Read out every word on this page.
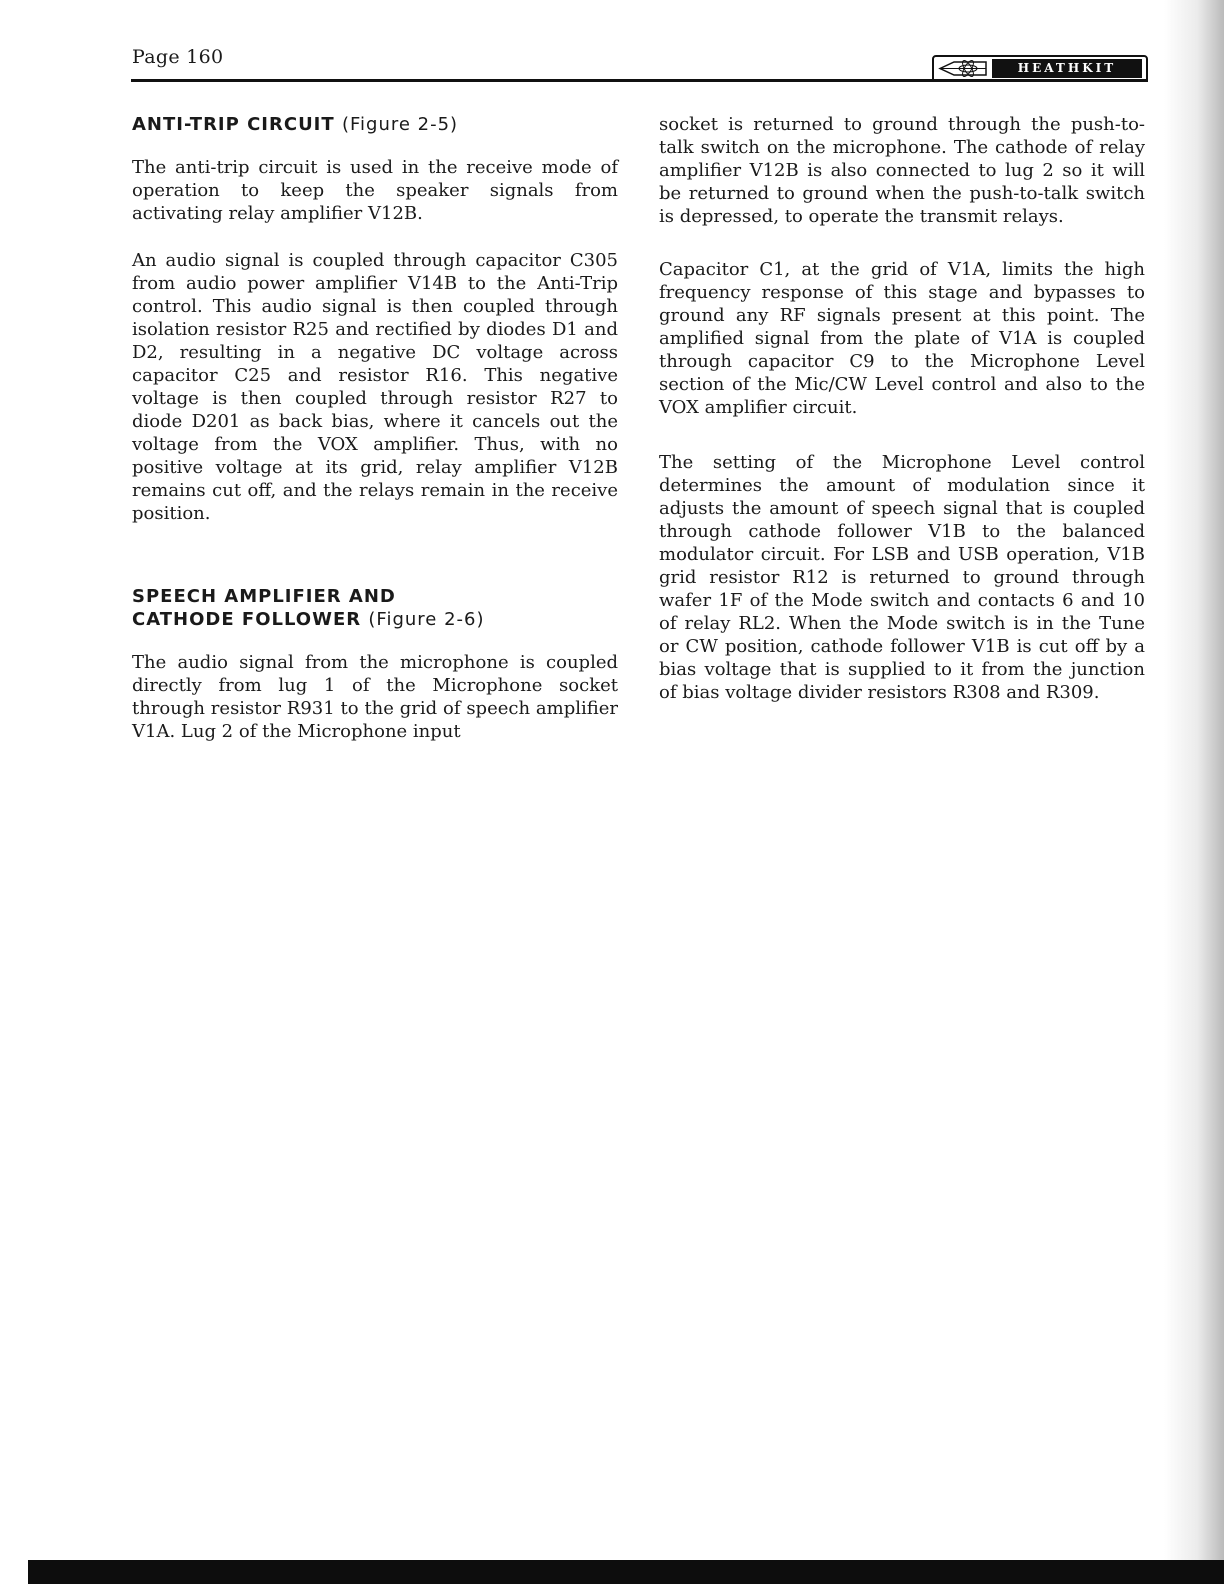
Page 160	HEATHKIT
ANTI-TRIP CIRCUIT (Figure 2-5)

The anti-trip circuit is used in the receive mode of operation to keep the speaker signals from activating relay amplifier V12B.

An audio signal is coupled through capacitor C305 from audio power amplifier V14B to the Anti-Trip control. This audio signal is then coupled through isolation resistor R25 and rectified by diodes D1 and D2, resulting in a negative DC voltage across capacitor C25 and resistor R16. This negative voltage is then coupled through resistor R27 to diode D201 as back bias, where it cancels out the voltage from the VOX amplifier. Thus, with no positive voltage at its grid, relay amplifier V12B remains cut off, and the relays remain in the receive position.

SPEECH AMPLIFIER AND
CATHODE FOLLOWER (Figure 2-6)

The audio signal from the microphone is coupled directly from lug 1 of the Microphone socket through resistor R931 to the grid of speech amplifier V1A. Lug 2 of the Microphone input

socket is returned to ground through the push-to-talk switch on the microphone. The cathode of relay amplifier V12B is also connected to lug 2 so it will be returned to ground when the push-to-talk switch is depressed, to operate the transmit relays.

Capacitor C1, at the grid of V1A, limits the high frequency response of this stage and bypasses to ground any RF signals present at this point. The amplified signal from the plate of V1A is coupled through capacitor C9 to the Microphone Level section of the Mic/CW Level control and also to the VOX amplifier circuit.

The setting of the Microphone Level control determines the amount of modulation since it adjusts the amount of speech signal that is coupled through cathode follower V1B to the balanced modulator circuit. For LSB and USB operation, V1B grid resistor R12 is returned to ground through wafer 1F of the Mode switch and contacts 6 and 10 of relay RL2. When the Mode switch is in the Tune or CW position, cathode follower V1B is cut off by a bias voltage that is supplied to it from the junction of bias voltage divider resistors R308 and R309.
